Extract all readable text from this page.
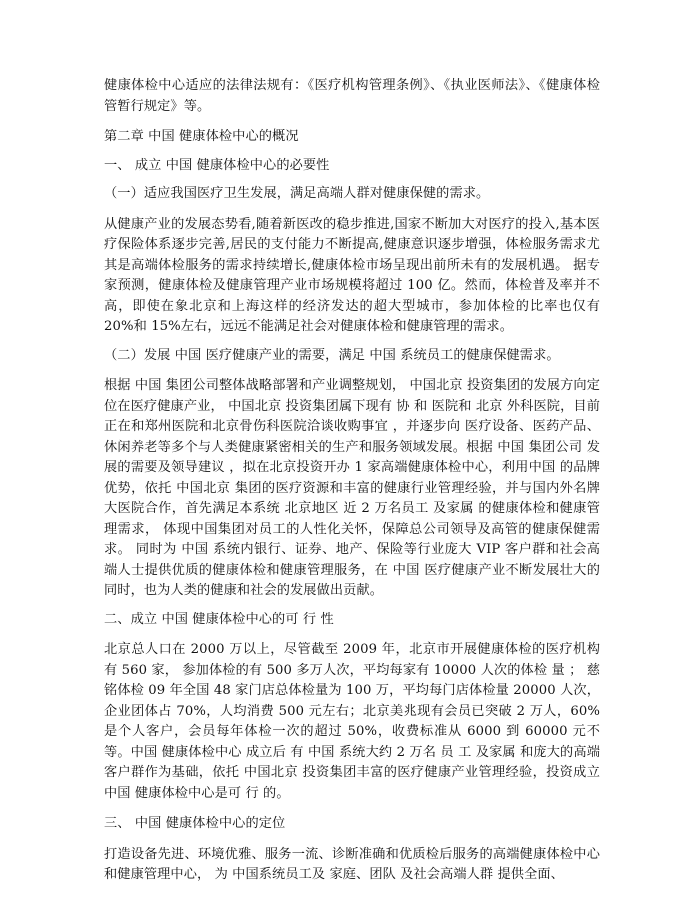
健康体检中心适应的法律法规有：《医疗机构管理条例》、《执业医师法》、《健康体检管暂行规定》等。

第二章 中国 健康体检中心的概况

一、 成立 中国 健康体检中心的必要性

（一）适应我国医疗卫生发展，满足高端人群对健康保健的需求。

从健康产业的发展态势看,随着新医改的稳步推进,国家不断加大对医疗的投入,基本医疗保险体系逐步完善,居民的支付能力不断提高,健康意识逐步增强，体检服务需求尤其是高端体检服务的需求持续增长,健康体检市场呈现出前所未有的发展机遇。 据专家预测，健康体检及健康管理产业市场规模将超过 100 亿。然而，体检普及率并不高，即使在象北京和上海这样的经济发达的超大型城市，参加体检的比率也仅有 20%和 15%左右，远远不能满足社会对健康体检和健康管理的需求。

（二）发展 中国 医疗健康产业的需要，满足 中国 系统员工的健康保健需求。

根据 中国 集团公司整体战略部署和产业调整规划， 中国北京 投资集团的发展方向定位在医疗健康产业， 中国北京 投资集团属下现有 协 和 医院和 北京 外科医院，目前正在和郑州医院和北京骨伤科医院洽谈收购事宜 ，并逐步向 医疗设备、医药产品、休闲养老等多个与人类健康紧密相关的生产和服务领域发展。根据 中国 集团公司 发展的需要及领导建议 ，拟在北京投资开办 1 家高端健康体检中心，利用中国 的品牌优势，依托 中国北京 集团的医疗资源和丰富的健康行业管理经验，并与国内外名牌大医院合作，首先满足本系统 北京地区 近 2 万名员工 及家属 的健康体检和健康管理需求， 体现中国集团对员工的人性化关怀，保障总公司领导及高管的健康保健需求。 同时为 中国 系统内银行、证券、地产、保险等行业庞大 VIP 客户群和社会高端人士提供优质的健康体检和健康管理服务，在 中国 医疗健康产业不断发展壮大的同时，也为人类的健康和社会的发展做出贡献。

二、成立 中国 健康体检中心的可 行 性

北京总人口在 2000 万以上，尽管截至 2009 年，北京市开展健康体检的医疗机构有 560 家， 参加体检的有 500 多万人次，平均每家有 10000 人次的体检 量 ； 慈铭体检 09 年全国 48 家门店总体检量为 100 万，平均每门店体检量 20000 人次，企业团体占 70%，人均消费 500 元左右；北京美兆现有会员已突破 2 万人，60%是个人客户，会员每年体检一次的超过 50%，收费标准从 6000 到 60000 元不等。中国 健康体检中心 成立后 有 中国 系统大约 2 万名 员 工 及家属 和庞大的高端客户群作为基础，依托 中国北京 投资集团丰富的医疗健康产业管理经验，投资成立 中国 健康体检中心是可 行 的。

三、 中国 健康体检中心的定位

打造设备先进、环境优雅、服务一流、诊断准确和优质检后服务的高端健康体检中心和健康管理中心， 为 中国系统员工及 家庭、团队 及社会高端人群 提供全面、
